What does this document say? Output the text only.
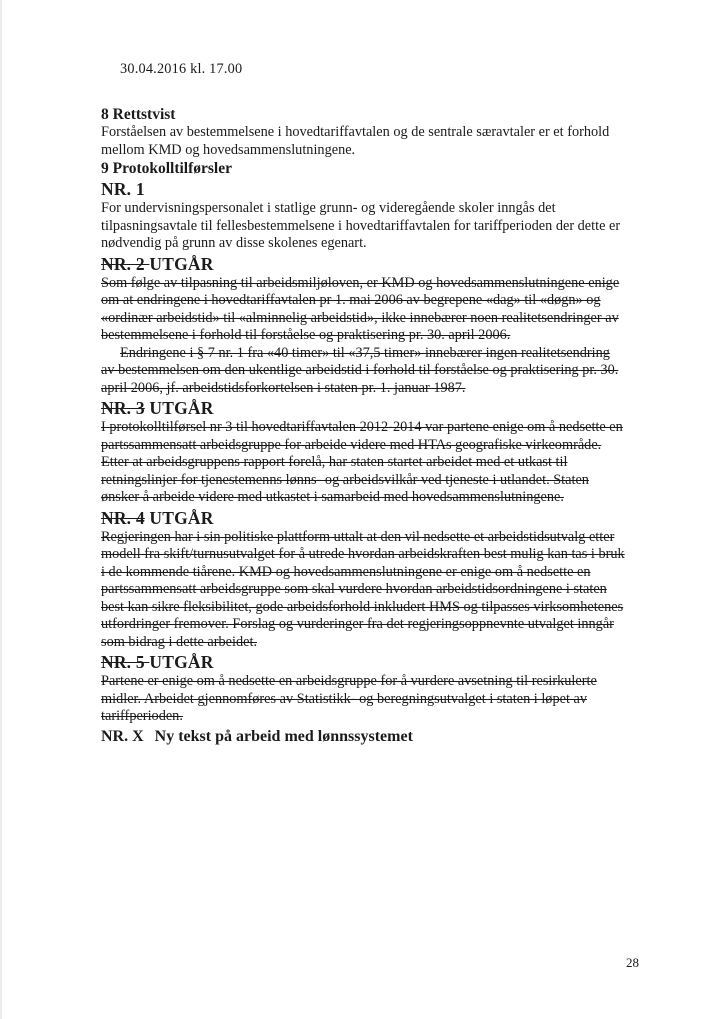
30.04.2016 kl. 17.00
8 Rettstvist

Forståelsen av bestemmelsene i hovedtariffavtalen og de sentrale særavtaler er et forhold mellom KMD og hovedsammenslutningene.

9 Protokolltilførsler
NR. 1

For undervisningspersonalet i statlige grunn- og videregående skoler inngås det tilpasningsavtale til fellesbestemmelsene i hovedtariffavtalen for tariffperioden der dette er nødvendig på grunn av disse skolenes egenart.

NR. 2 UTGÅR

Som følge av tilpasning til arbeidsmiljøloven, er KMD og hovedsammenslutningene enige om at endringene i hovedtariffavtalen pr 1. mai 2006 av begrepene «dag» til «døgn» og «ordinær arbeidstid» til «alminnelig arbeidstid», ikke innebærer noen realitetsendringer av bestemmelsene i forhold til forståelse og praktisering pr. 30. april 2006.

Endringene i § 7 nr. 1 fra «40 timer» til «37,5 timer» innebærer ingen realitetsendring av bestemmelsen om den ukentlige arbeidstid i forhold til forståelse og praktisering pr. 30. april 2006, jf. arbeidstidsforkortelsen i staten pr. 1. januar 1987.

NR. 3 UTGÅR

I protokolltilførsel nr 3 til hovedtariffavtalen 2012-2014 var partene enige om å nedsette en partssammensatt arbeidsgruppe for arbeide videre med HTAs geografiske virkeområde. Etter at arbeidsgruppens rapport forelå, har staten startet arbeidet med et utkast til retningslinjer for tjenestemenns lønns- og arbeidsvilkår ved tjeneste i utlandet. Staten ønsker å arbeide videre med utkastet i samarbeid med hovedsammenslutningene.

NR. 4 UTGÅR

Regjeringen har i sin politiske plattform uttalt at den vil nedsette et arbeidstidsutvalg etter modell fra skift/turnusutvalget for å utrede hvordan arbeidskraften best mulig kan tas i bruk i de kommende tiårene. KMD og hovedsammenslutningene er enige om å nedsette en partssammensatt arbeidsgruppe som skal vurdere hvordan arbeidstidsordningene i staten best kan sikre fleksibilitet, gode arbeidsforhold inkludert HMS og tilpasses virksomhetenes utfordringer fremover. Forslag og vurderinger fra det regjeringsoppnevnte utvalget inngår som bidrag i dette arbeidet.

NR. 5 UTGÅR

Partene er enige om å nedsette en arbeidsgruppe for å vurdere avsetning til resirkulerte midler. Arbeidet gjennomføres av Statistikk- og beregningsutvalget i staten i løpet av tariffperioden.

NR. X Ny tekst på arbeid med lønnssystemet
28
